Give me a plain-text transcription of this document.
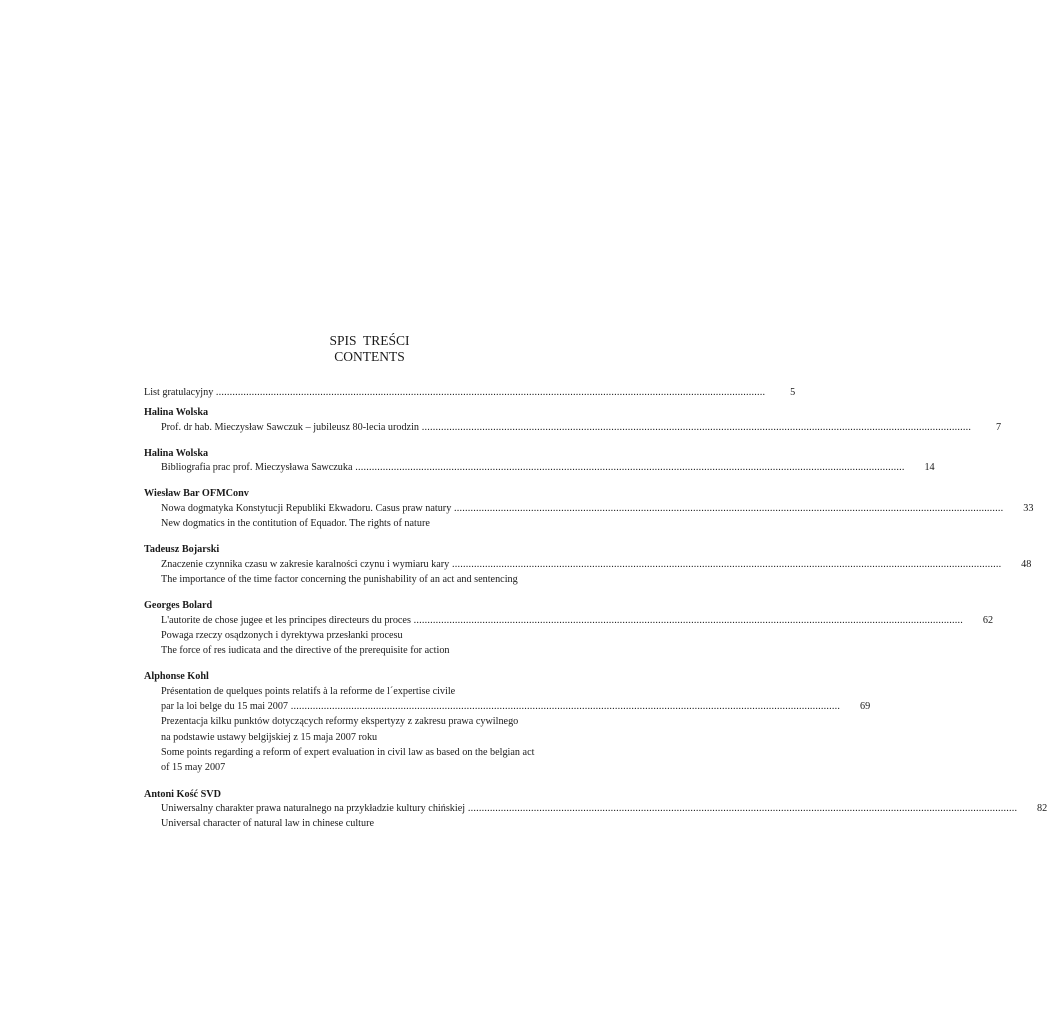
SPIS  TREŚCI
CONTENTS
List gratulacyjny ........................................................................................................................................................................................................	5
Halina Wolska
Prof. dr hab. Mieczysław Sawczuk – jubileusz 80-lecia urodzin ........................................................................................................................................................................................................	7
Halina Wolska
Bibliografia prac prof. Mieczysława Sawczuka ........................................................................................................................................................................................................	14
Wiesław Bar OFMConv
Nowa dogmatyka Konstytucji Republiki Ekwadoru. Casus praw natury ........................................................................................................................................................................................................	33
New dogmatics in the contitution of Equador. The rights of nature
Tadeusz Bojarski
Znaczenie czynnika czasu w zakresie karalności czynu i wymiaru kary ........................................................................................................................................................................................................	48
The importance of the time factor concerning the punishability of an act and sentencing
Georges Bolard
L'autorite de chose jugee et les principes directeurs du proces ........................................................................................................................................................................................................	62
Powaga rzeczy osądzonych i dyrektywa przesłanki procesu
The force of res iudicata and the directive of the prerequisite for action
Alphonse Kohl
Présentation de quelques points relatifs à la reforme de l´expertise civile
par la loi belge du 15 mai 2007 ........................................................................................................................................................................................................	69
Prezentacja kilku punktów dotyczących reformy ekspertyzy z zakresu prawa cywilnego
na podstawie ustawy belgijskiej z 15 maja 2007 roku
Some points regarding a reform of expert evaluation in civil law as based on the belgian act
of 15 may 2007
Antoni Kość SVD
Uniwersalny charakter prawa naturalnego na przykładzie kultury chińskiej ........................................................................................................................................................................................................	82
Universal character of natural law in chinese culture
